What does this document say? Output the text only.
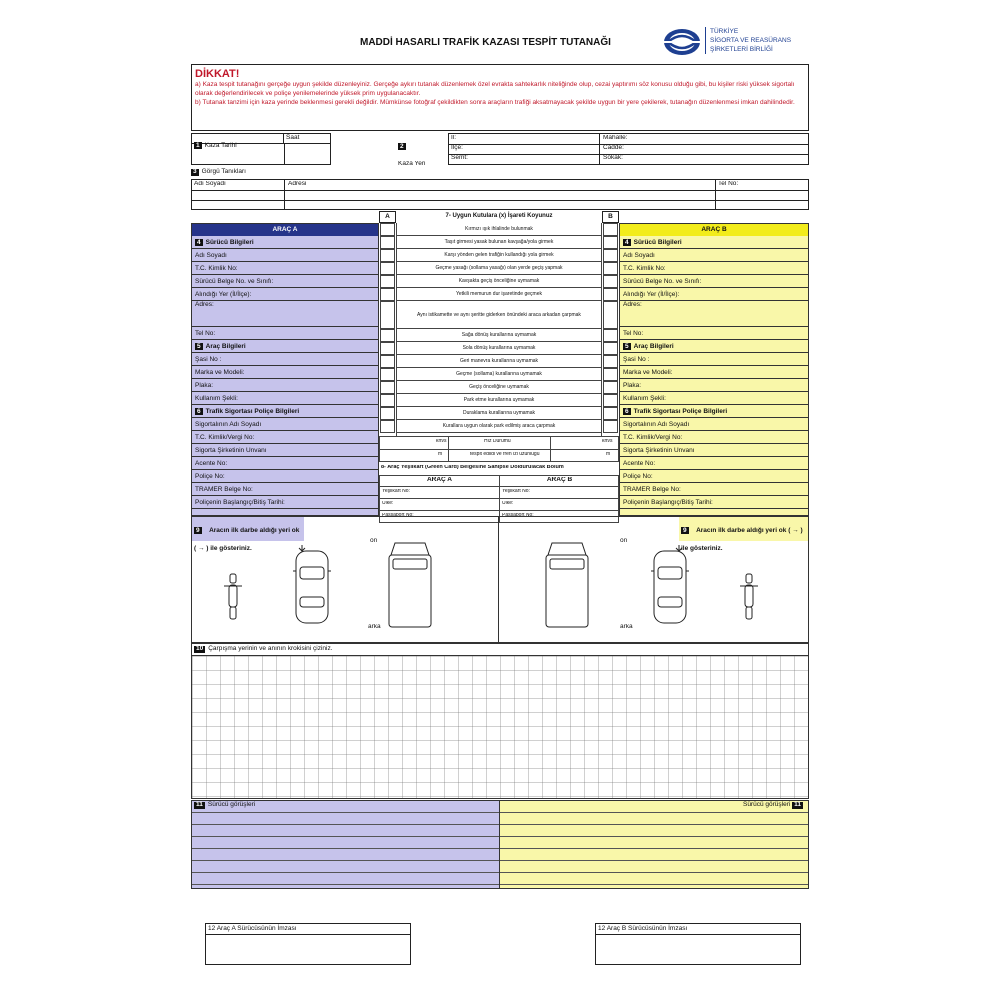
MADDİ HASARLI TRAFİK KAZASI TESPİT TUTANAĞI
TÜRKİYE
SİGORTA VE REASÜRANS
ŞİRKETLERİ BİRLİĞİ
DİKKAT!
a) Kaza tespit tutanağını gerçeğe uygun şekilde düzenleyiniz. Gerçeğe aykırı tutanak düzenlemek özel evrakta sahtekarlık niteliğinde olup, cezai yaptırımı söz konusu olduğu gibi, bu kişiler riski yüksek sigortalı olarak değerlendirilecek ve poliçe yenilemelerinde yüksek prim uygulanacaktır.
b) Tutanak tanzimi için kaza yerinde beklenmesi gerekli değildir. Mümkünse fotoğraf çekildikten sonra araçların trafiği aksatmayacak şekilde uygun bir yere çekilerek, tutanağın düzenlenmesi imkan dahilindedir.
1 Kaza Tarihi
Saat
2
Kaza Yeri
İl:
İlçe:
Semt:
Mahalle:
Cadde:
Sokak:
3 Görgü Tanıkları
Adı Soyadı	Adresi	Tel No:
ARAÇ A
4 Sürücü Bilgileri
Adı Soyadı
T.C. Kimlik No:
Sürücü Belge No. ve Sınıfı:
Alındığı Yer (İl/İlçe):
Adres:
Tel No:
5 Araç Bilgileri
Şasi No :
Marka ve Modeli:
Plaka:
Kullanım Şekli:
6 Trafik Sigortası Poliçe Bilgileri
Sigortalının Adı Soyadı
T.C. Kimlik/Vergi No:
Sigorta Şirketinin Unvanı
Acente No:
Poliçe No:
TRAMER Belge No:
Poliçenin Başlangıç/Bitiş Tarihi:
ARAÇ B
4 Sürücü Bilgileri
Adı Soyadı
T.C. Kimlik No:
Sürücü Belge No. ve Sınıfı:
Alındığı Yer (İl/İlçe):
Adres:
Tel No:
5 Araç Bilgileri
Şasi No :
Marka ve Modeli:
Plaka:
Kullanım Şekli:
6 Trafik Sigortası Poliçe Bilgileri
Sigortalının Adı Soyadı
T.C. Kimlik/Vergi No:
Sigorta Şirketinin Unvanı
Acente No:
Poliçe No:
TRAMER Belge No:
Poliçenin Başlangıç/Bitiş Tarihi:
A	7- Uygun Kutulara (x) İşareti Koyunuz	B
Kırmızı ışık ihlalinde bulunmak
Taşıt girmesi yasak bulunan kavşağa/yola girmek
Karşı yönden gelen trafiğin kullandığı yola girmek
Geçme yasağı (sollama yasağı) olan yerde geçiş yapmak
Kavşakta geçiş önceliğine uymamak
Yetkili memurun dur işaretinde geçmek
Aynı istikamette ve aynı şeritte giderken önündeki araca arkadan çarpmak
Sağa dönüş kurallarına uymamak
Sola dönüş kurallarına uymamak
Geri manevra kurallarına uymamak
Geçme (sollama) kurallarına uymamak
Geçiş önceliğine uymamak
Park etme kurallarına uymamak
Duraklama kurallarına uymamak
Kurallara uygun olarak park edilmiş araca çarpmak
km/s	Hız Durumu	km/s
m	tespit edildi ve fren izi uzunluğu	m
8- Araç Yeşilkart (Green Card) Belgesine Sahipse Doldurulacak Bölüm
ARAÇ A	ARAÇ B
Yeşilkart No:
Ülke:
Passaport No:
Yeşilkart No:
Ülke:
Passaport No:
9 Aracın ilk darbe aldığı yeri ok ( → ) ile gösteriniz.
9 Aracın ilk darbe aldığı yeri ok ( → ) ile gösteriniz.
ön
arka
ön
arka
10 Çarpışma yerinin ve anının krokisini çiziniz.
11 Sürücü görüşleri	Sürücü görüşleri 11
12 Araç A Sürücüsünün İmzası	12 Araç B Sürücüsünün İmzası
